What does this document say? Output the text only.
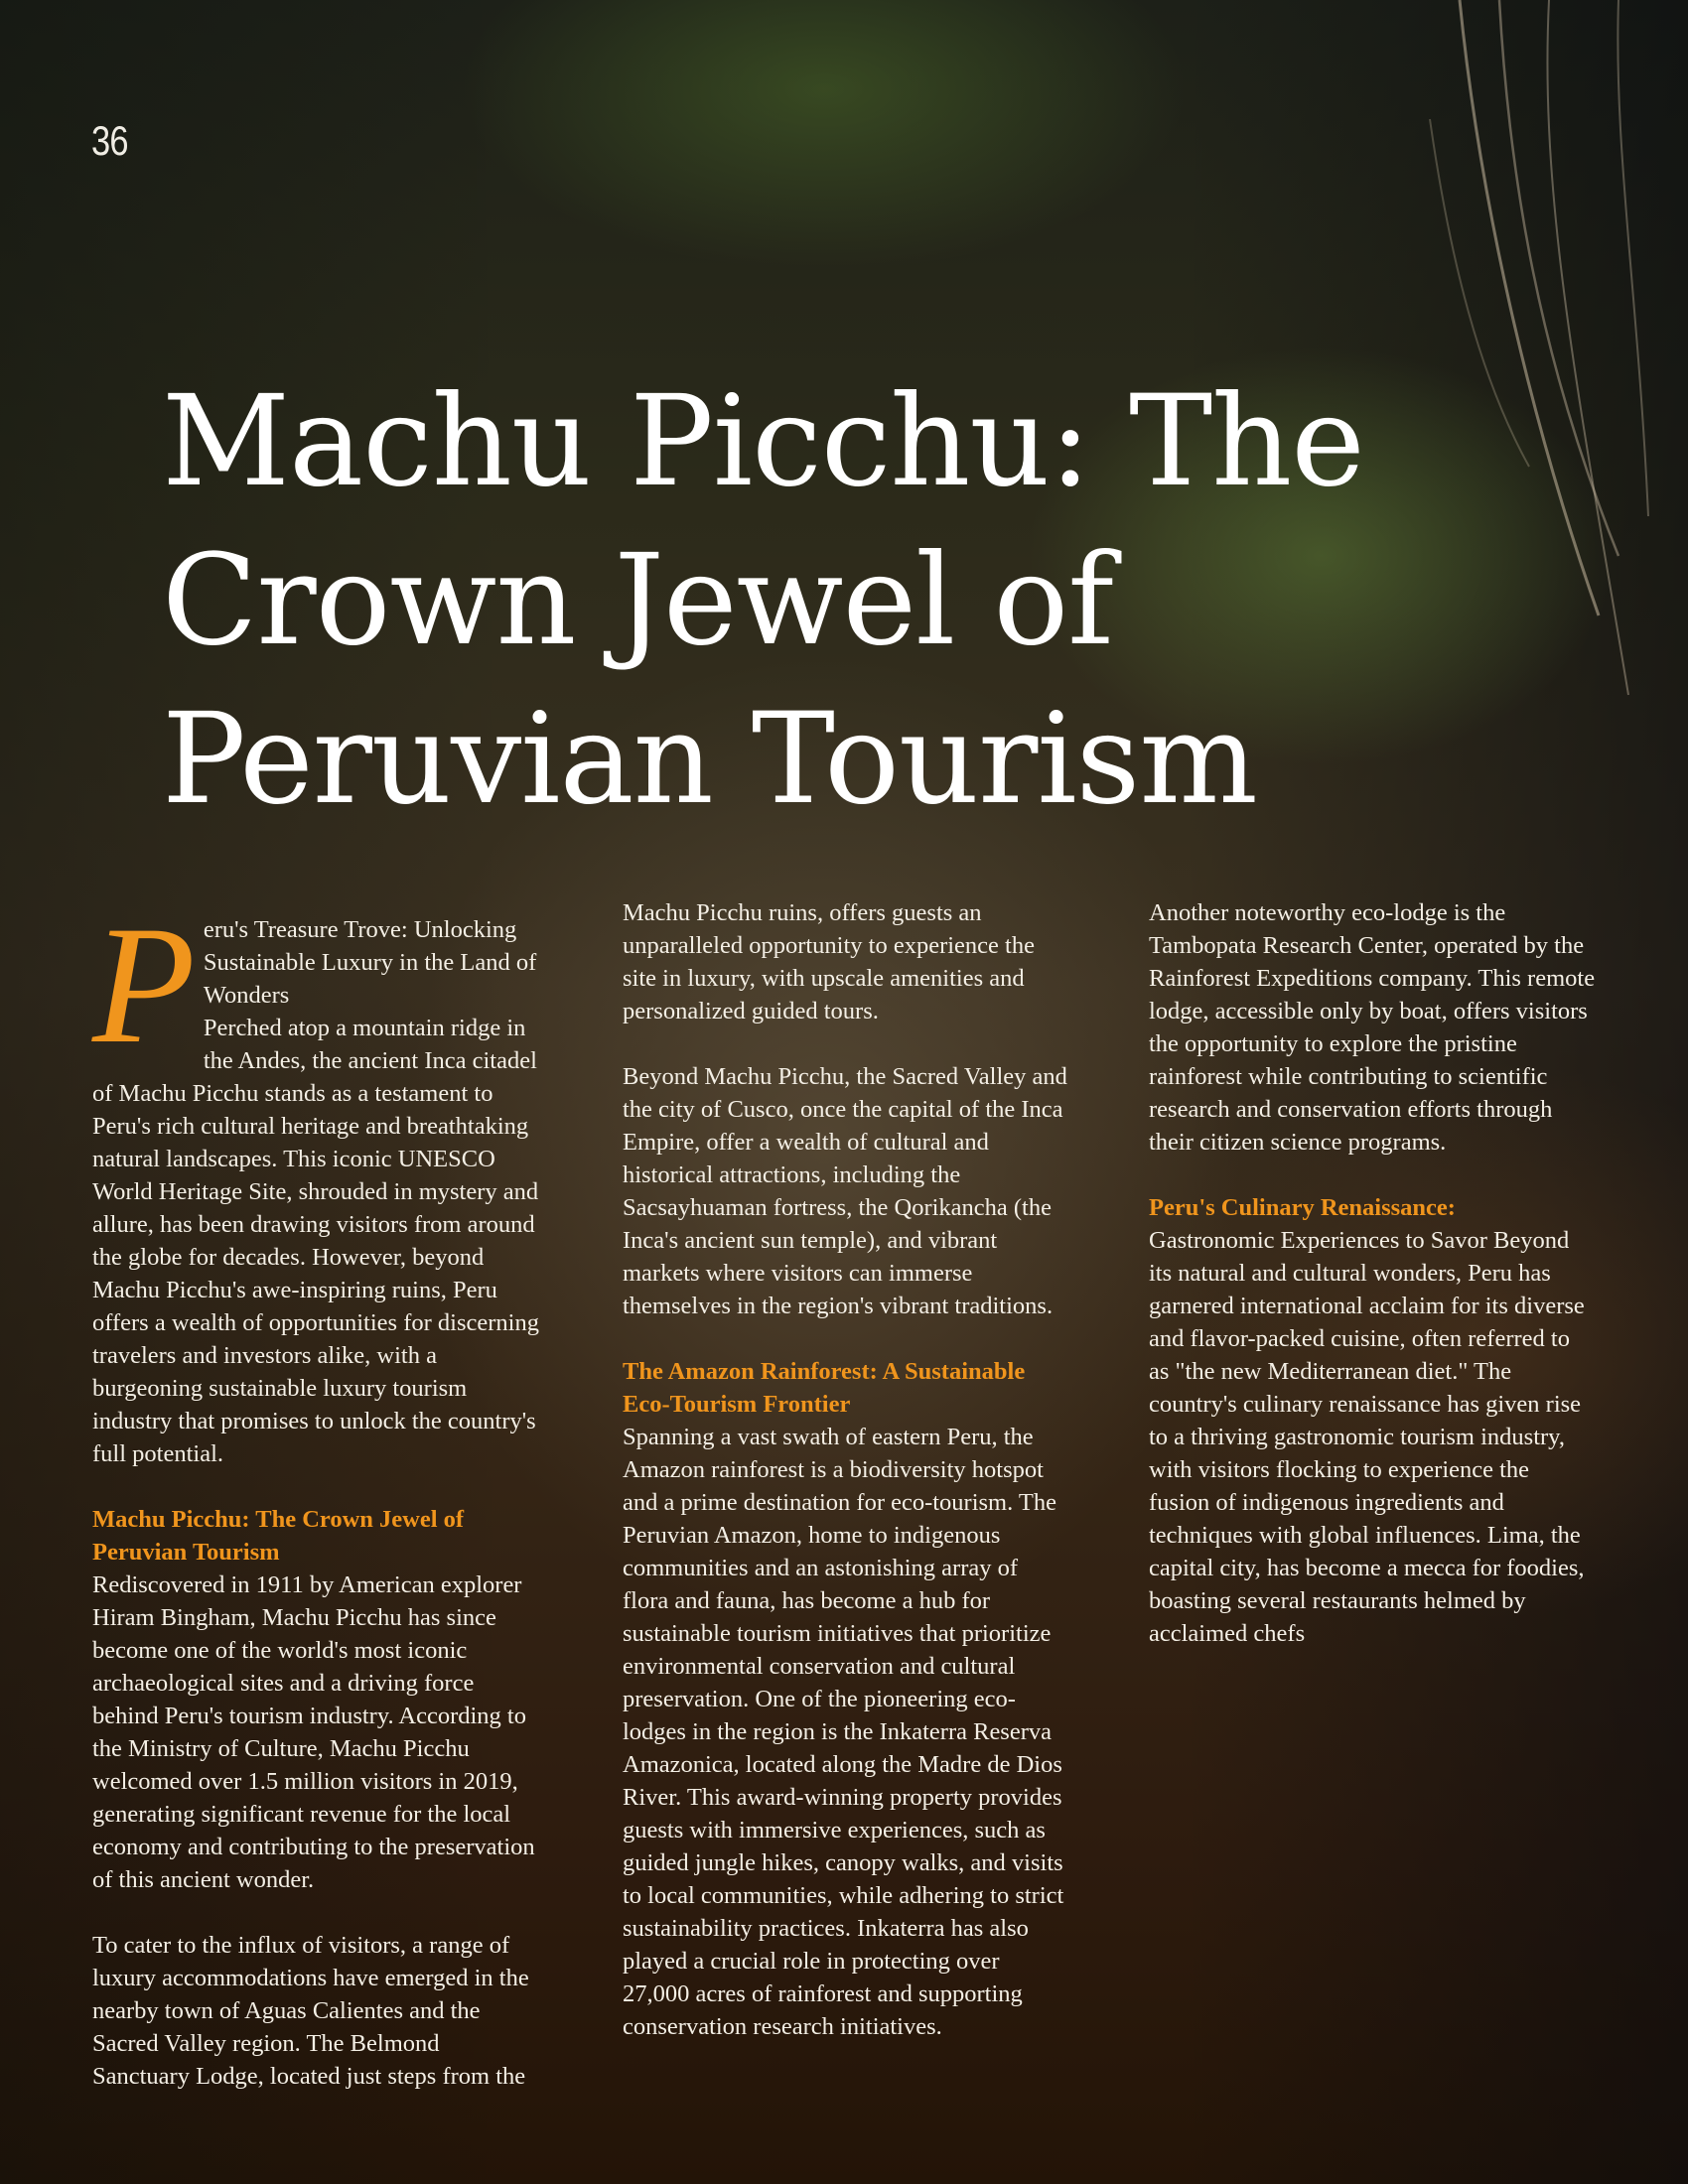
36
Machu Picchu: The Crown Jewel of Peruvian Tourism

P eru's Treasure Trove: Unlocking Sustainable Luxury in the Land of Wonders
Perched atop a mountain ridge in the Andes, the ancient Inca citadel of Machu Picchu stands as a testament to Peru's rich cultural heritage and breathtaking natural landscapes. This iconic UNESCO World Heritage Site, shrouded in mystery and allure, has been drawing visitors from around the globe for decades. However, beyond Machu Picchu's awe-inspiring ruins, Peru offers a wealth of opportunities for discerning travelers and investors alike, with a burgeoning sustainable luxury tourism industry that promises to unlock the country's full potential.

Machu Picchu: The Crown Jewel of Peruvian Tourism
Rediscovered in 1911 by American explorer Hiram Bingham, Machu Picchu has since become one of the world's most iconic archaeological sites and a driving force behind Peru's tourism industry. According to the Ministry of Culture, Machu Picchu welcomed over 1.5 million visitors in 2019, generating significant revenue for the local economy and contributing to the preservation of this ancient wonder.

To cater to the influx of visitors, a range of luxury accommodations have emerged in the nearby town of Aguas Calientes and the Sacred Valley region. The Belmond Sanctuary Lodge, located just steps from the

Machu Picchu ruins, offers guests an unparalleled opportunity to experience the site in luxury, with upscale amenities and personalized guided tours.

Beyond Machu Picchu, the Sacred Valley and the city of Cusco, once the capital of the Inca Empire, offer a wealth of cultural and historical attractions, including the Sacsayhuaman fortress, the Qorikancha (the Inca's ancient sun temple), and vibrant markets where visitors can immerse themselves in the region's vibrant traditions.

The Amazon Rainforest: A Sustainable Eco-Tourism Frontier
Spanning a vast swath of eastern Peru, the Amazon rainforest is a biodiversity hotspot and a prime destination for eco-tourism. The Peruvian Amazon, home to indigenous communities and an astonishing array of flora and fauna, has become a hub for sustainable tourism initiatives that prioritize environmental conservation and cultural preservation. One of the pioneering eco-lodges in the region is the Inkaterra Reserva Amazonica, located along the Madre de Dios River. This award-winning property provides guests with immersive experiences, such as guided jungle hikes, canopy walks, and visits to local communities, while adhering to strict sustainability practices. Inkaterra has also played a crucial role in protecting over 27,000 acres of rainforest and supporting conservation research initiatives.

Another noteworthy eco-lodge is the Tambopata Research Center, operated by the Rainforest Expeditions company. This remote lodge, accessible only by boat, offers visitors the opportunity to explore the pristine rainforest while contributing to scientific research and conservation efforts through their citizen science programs.

Peru's Culinary Renaissance:
Gastronomic Experiences to Savor Beyond its natural and cultural wonders, Peru has garnered international acclaim for its diverse and flavor-packed cuisine, often referred to as "the new Mediterranean diet." The country's culinary renaissance has given rise to a thriving gastronomic tourism industry, with visitors flocking to experience the fusion of indigenous ingredients and techniques with global influences. Lima, the capital city, has become a mecca for foodies, boasting several restaurants helmed by acclaimed chefs
